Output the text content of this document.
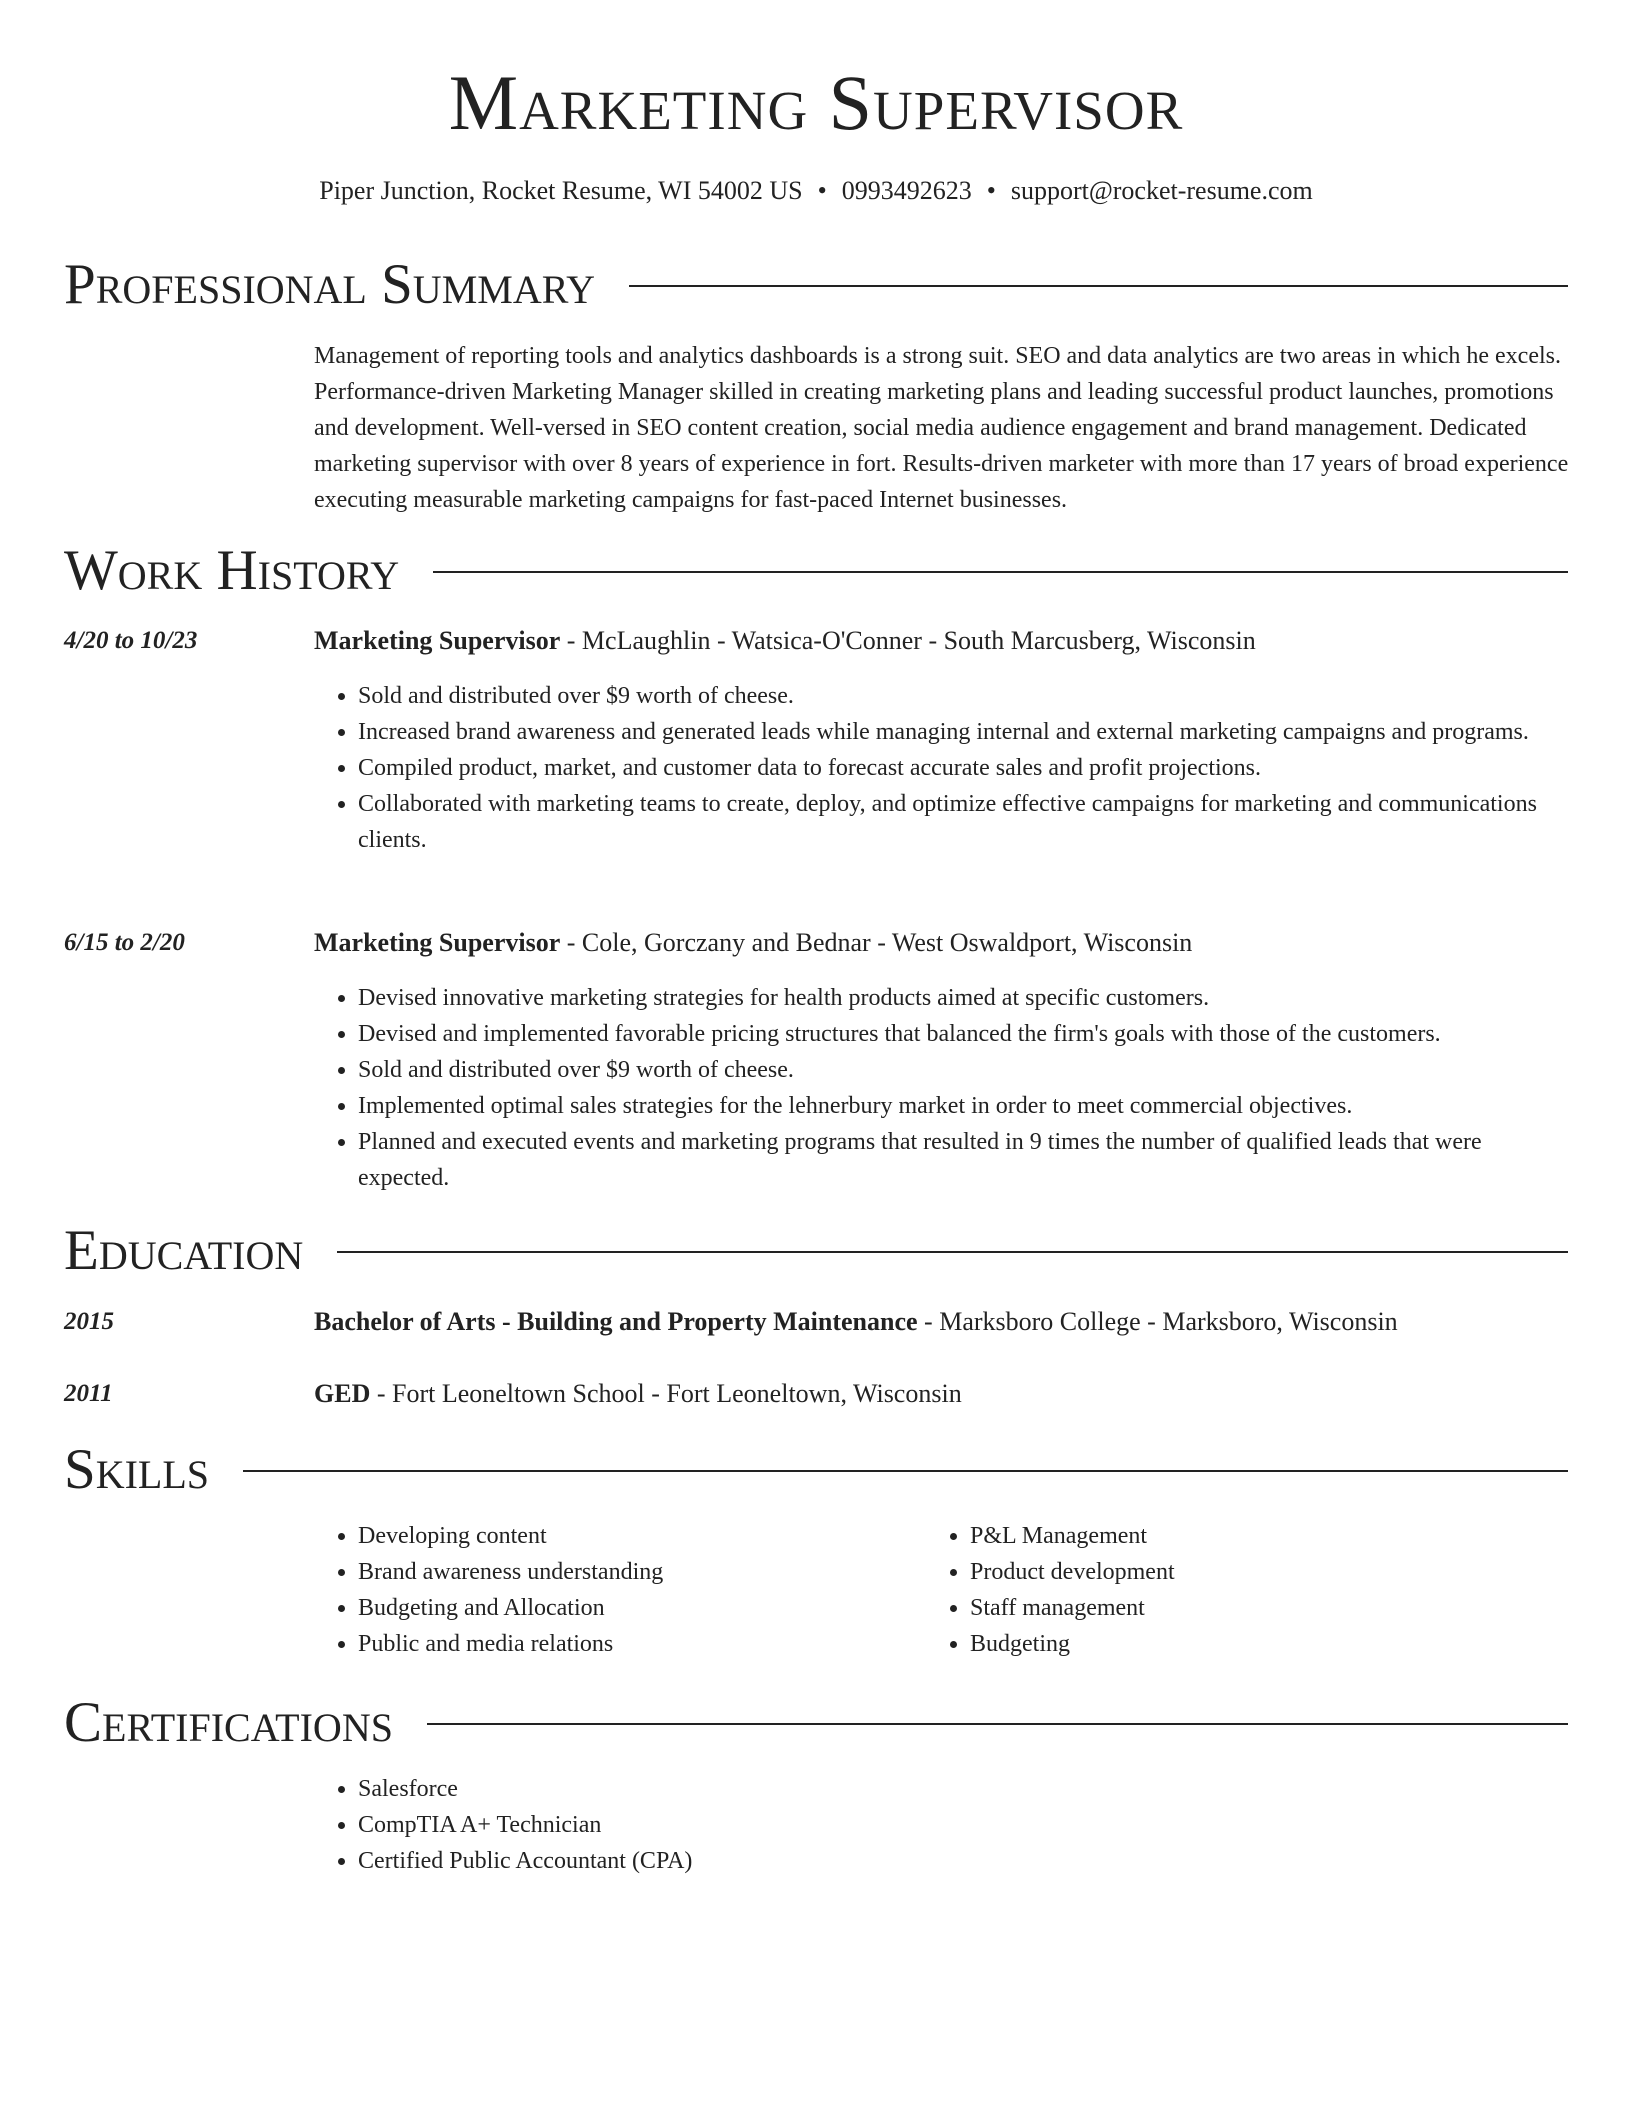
Marketing Supervisor
Piper Junction, Rocket Resume, WI 54002 US • 0993492623 • support@rocket-resume.com
Professional Summary
Management of reporting tools and analytics dashboards is a strong suit. SEO and data analytics are two areas in which he excels. Performance-driven Marketing Manager skilled in creating marketing plans and leading successful product launches, promotions and development. Well-versed in SEO content creation, social media audience engagement and brand management. Dedicated marketing supervisor with over 8 years of experience in fort. Results-driven marketer with more than 17 years of broad experience executing measurable marketing campaigns for fast-paced Internet businesses.
Work History
4/20 to 10/23	Marketing Supervisor - McLaughlin - Watsica-O'Conner - South Marcusberg, Wisconsin
• Sold and distributed over $9 worth of cheese.
• Increased brand awareness and generated leads while managing internal and external marketing campaigns and programs.
• Compiled product, market, and customer data to forecast accurate sales and profit projections.
• Collaborated with marketing teams to create, deploy, and optimize effective campaigns for marketing and communications clients.
6/15 to 2/20	Marketing Supervisor - Cole, Gorczany and Bednar - West Oswaldport, Wisconsin
• Devised innovative marketing strategies for health products aimed at specific customers.
• Devised and implemented favorable pricing structures that balanced the firm's goals with those of the customers.
• Sold and distributed over $9 worth of cheese.
• Implemented optimal sales strategies for the lehnerbury market in order to meet commercial objectives.
• Planned and executed events and marketing programs that resulted in 9 times the number of qualified leads that were expected.
Education
2015	Bachelor of Arts - Building and Property Maintenance - Marksboro College - Marksboro, Wisconsin
2011	GED - Fort Leoneltown School - Fort Leoneltown, Wisconsin
Skills
• Developing content
• Brand awareness understanding
• Budgeting and Allocation
• Public and media relations
• P&L Management
• Product development
• Staff management
• Budgeting
Certifications
• Salesforce
• CompTIA A+ Technician
• Certified Public Accountant (CPA)
